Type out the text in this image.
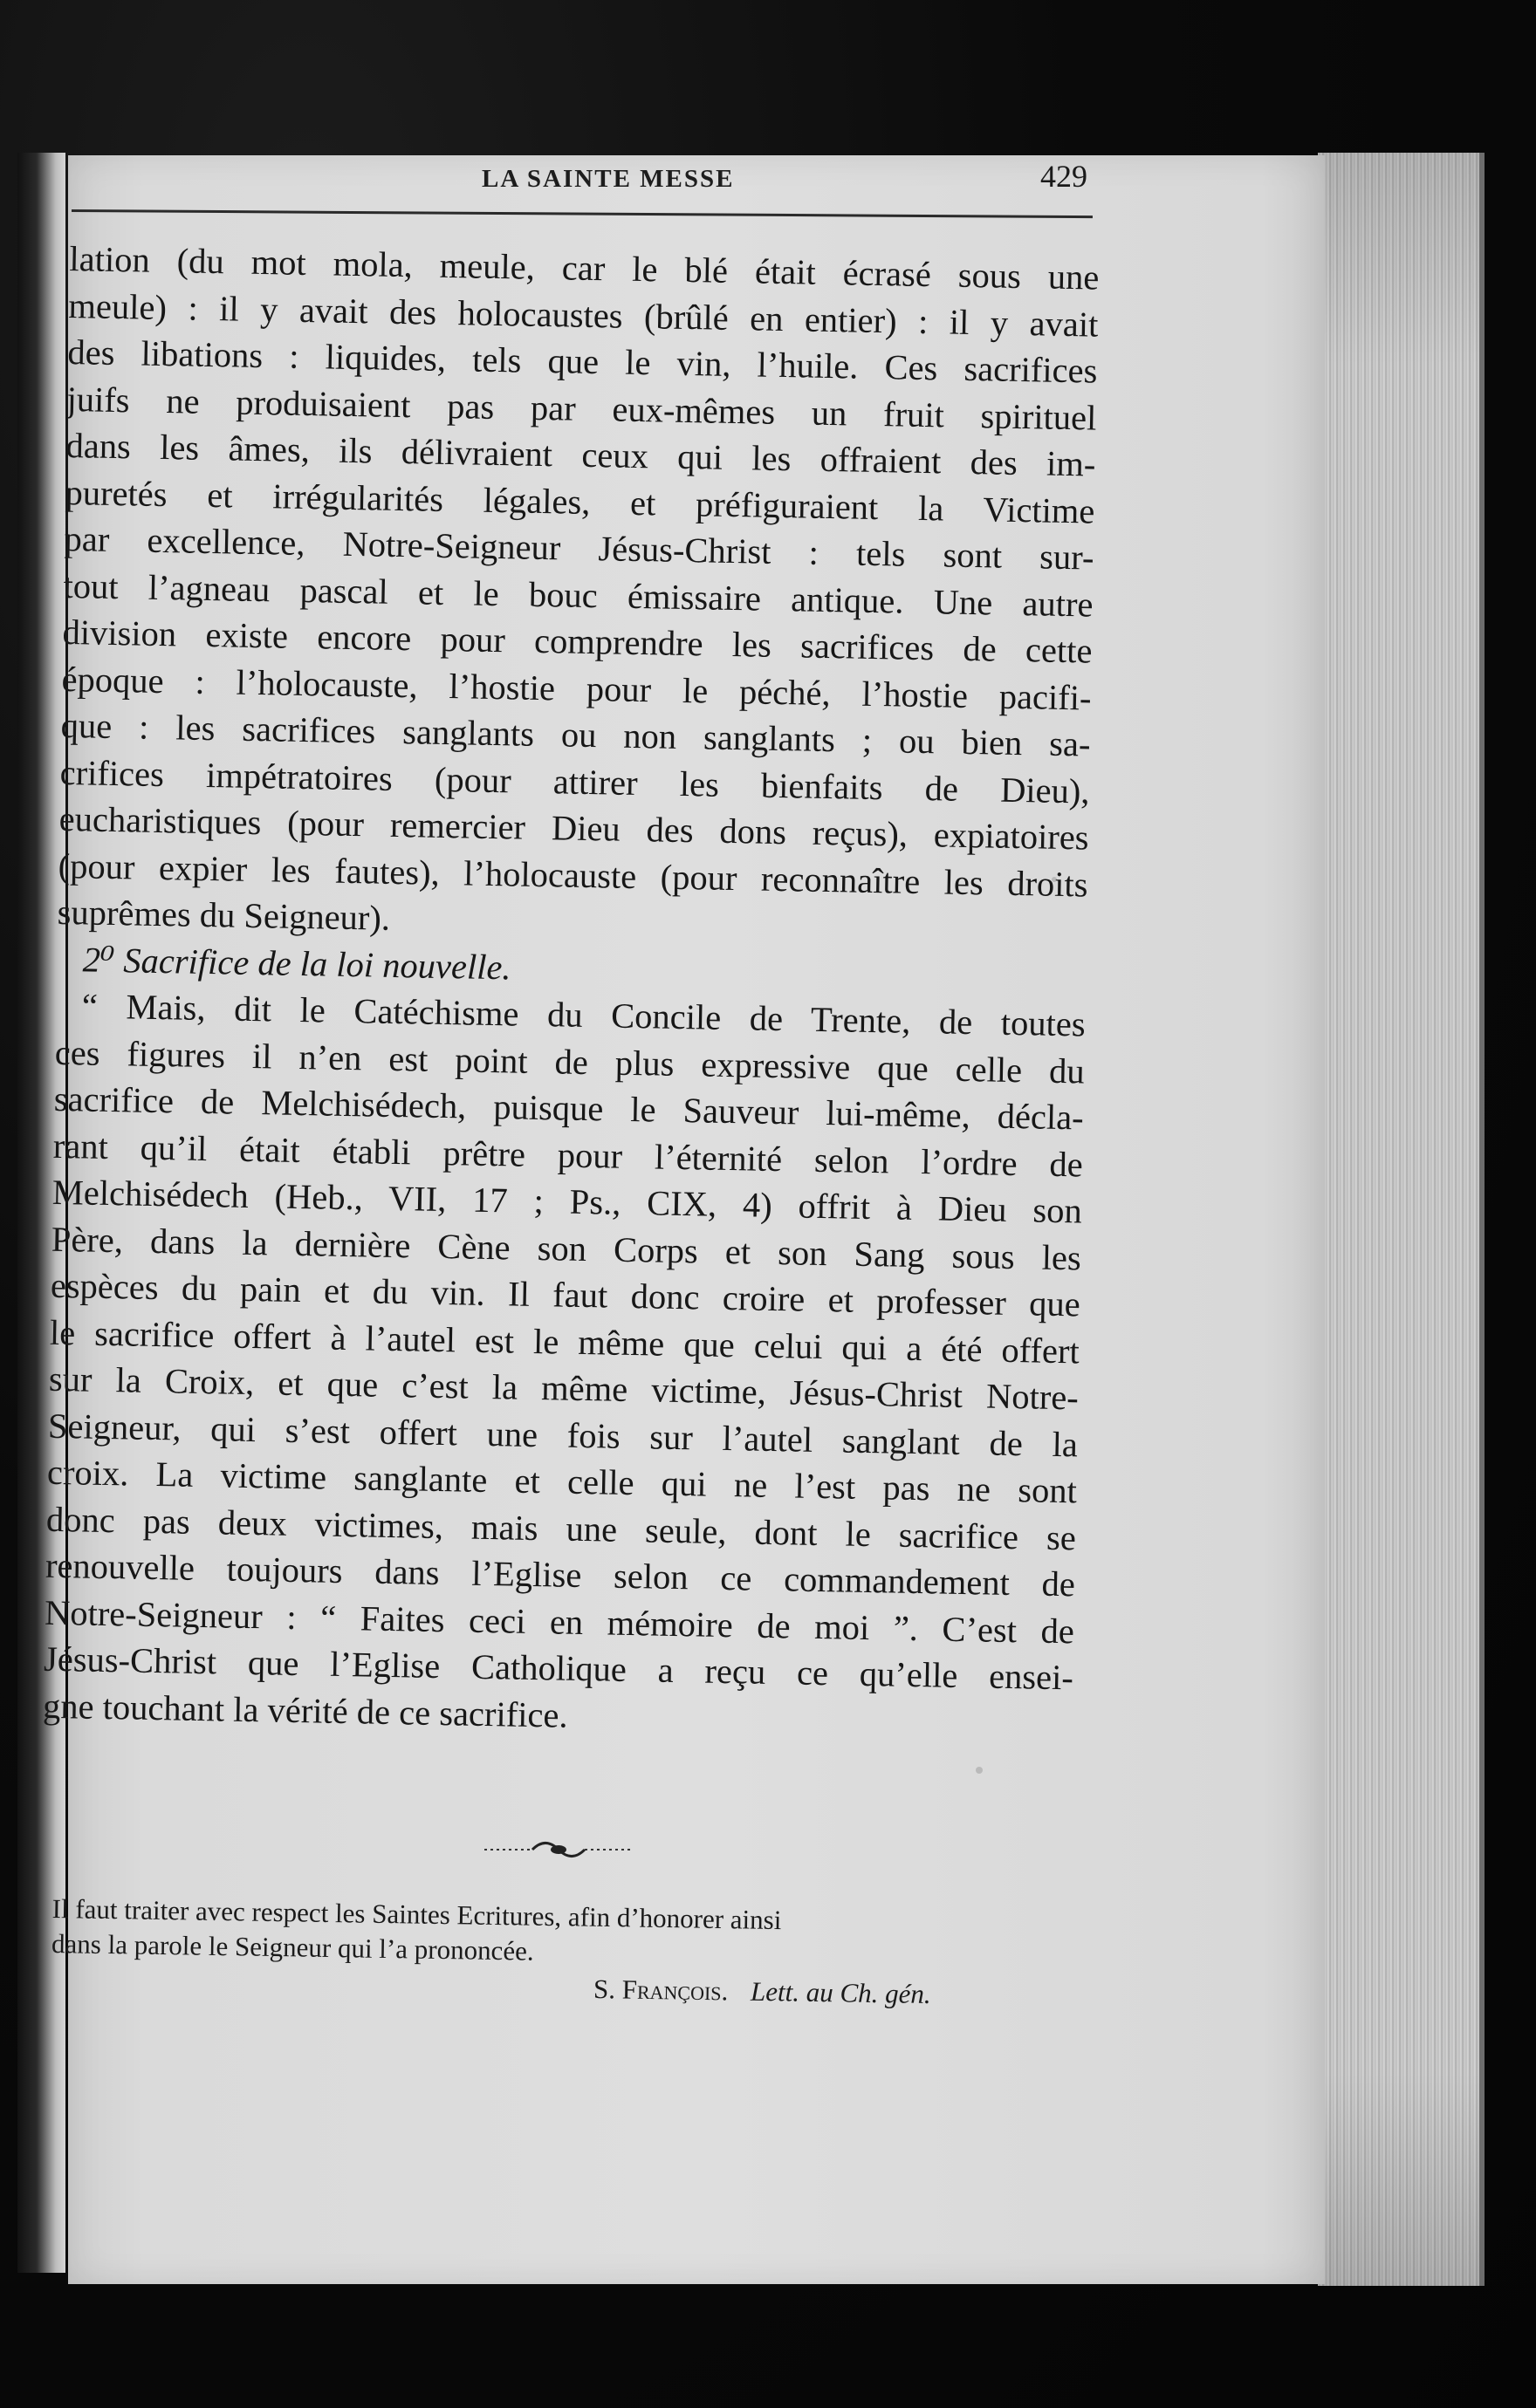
LA SAINTE MESSE	429
lation (du mot mola, meule, car le blé était écrasé sous une
meule) : il y avait des holocaustes (brûlé en entier) : il y avait
des libations : liquides, tels que le vin, l’huile. Ces sacrifices
juifs ne produisaient pas par eux-mêmes un fruit spirituel
dans les âmes, ils délivraient ceux qui les offraient des im-
puretés et irrégularités légales, et préfiguraient la Victime
par excellence, Notre-Seigneur Jésus-Christ : tels sont sur-
tout l’agneau pascal et le bouc émissaire antique. Une autre
division existe encore pour comprendre les sacrifices de cette
époque : l’holocauste, l’hostie pour le péché, l’hostie pacifi-
que : les sacrifices sanglants ou non sanglants ; ou bien sa-
crifices impétratoires (pour attirer les bienfaits de Dieu),
eucharistiques (pour remercier Dieu des dons reçus), expiatoires
(pour expier les fautes), l’holocauste (pour reconnaître les droits
suprêmes du Seigneur).
2⁰ Sacrifice de la loi nouvelle.
“ Mais, dit le Catéchisme du Concile de Trente, de toutes
ces figures il n’en est point de plus expressive que celle du
sacrifice de Melchisédech, puisque le Sauveur lui-même, décla-
rant qu’il était établi prêtre pour l’éternité selon l’ordre de
Melchisédech (Heb., VII, 17 ; Ps., CIX, 4) offrit à Dieu son
Père, dans la dernière Cène son Corps et son Sang sous les
espèces du pain et du vin. Il faut donc croire et professer que
le sacrifice offert à l’autel est le même que celui qui a été offert
sur la Croix, et que c’est la même victime, Jésus-Christ Notre-
Seigneur, qui s’est offert une fois sur l’autel sanglant de la
croix. La victime sanglante et celle qui ne l’est pas ne sont
donc pas deux victimes, mais une seule, dont le sacrifice se
renouvelle toujours dans l’Eglise selon ce commandement de
Notre-Seigneur : “ Faites ceci en mémoire de moi ”. C’est de
Jésus-Christ que l’Eglise Catholique a reçu ce qu’elle ensei-
gne touchant la vérité de ce sacrifice.
Il faut traiter avec respect les Saintes Ecritures, afin d’honorer ainsi
dans la parole le Seigneur qui l’a prononcée.
S. François. Lett. au Ch. gén.
